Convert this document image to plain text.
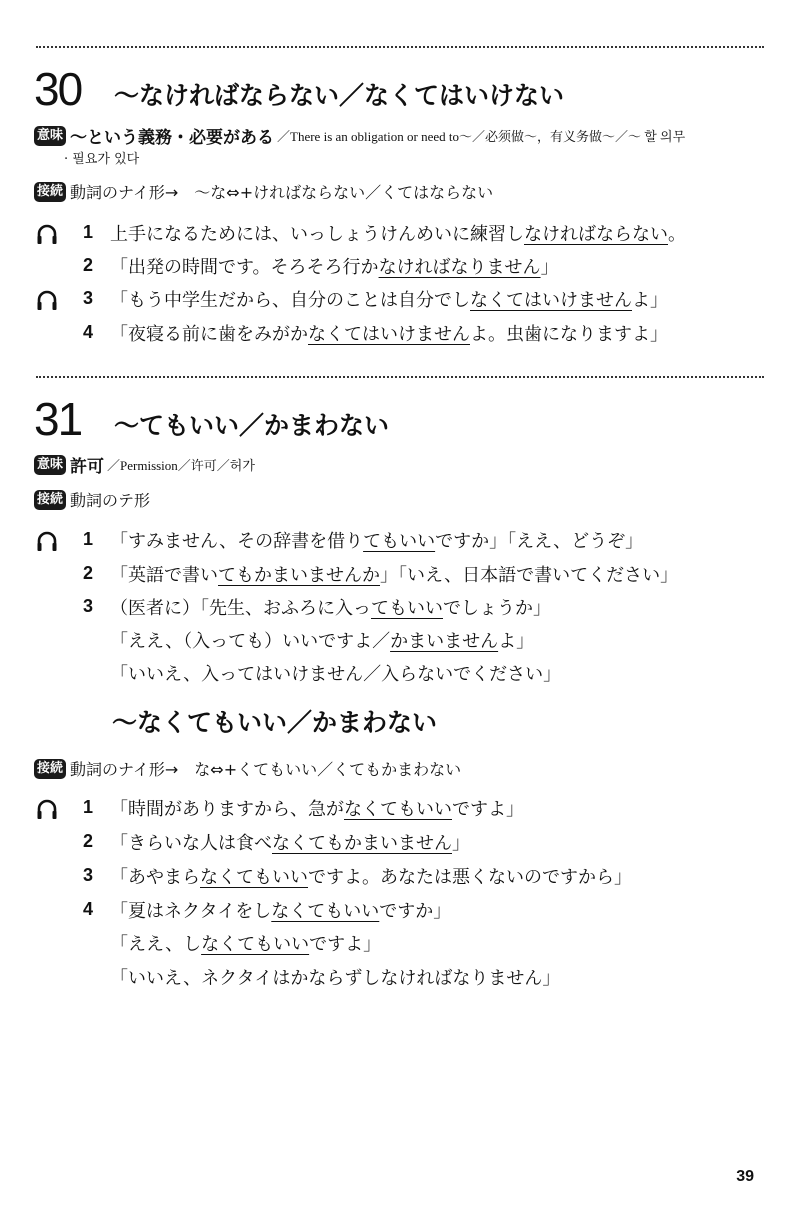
30	～なければならない／なくてはいけない
意味 ～という義務・必要がある ／There is an obligation or need to～／必须做～，有义务做～／～ 할 의무
· 필요가 있다
接続 動詞のナイ形→　～な⇔+ければならない／くてはならない
1 上手になるためには、いっしょうけんめいに練習しなければならない。
2 「出発の時間です。そろそろ行かなければなりません」
3 「もう中学生だから、自分のことは自分でしなくてはいけませんよ」
4 「夜寝る前に歯をみがかなくてはいけませんよ。虫歯になりますよ」
31	～てもいい／かまわない
意味 許可 ／Permission／许可／허가
接続 動詞のテ形
1 「すみません、その辞書を借りてもいいですか」「ええ、どうぞ」
2 「英語で書いてもかまいませんか」「いえ、日本語で書いてください」
3 （医者に）「先生、おふろに入ってもいいでしょうか」
「ええ、（入っても）いいですよ／かまいませんよ」
「いいえ、入ってはいけません／入らないでください」
～なくてもいい／かまわない
接続 動詞のナイ形→　な⇔+くてもいい／くてもかまわない
1 「時間がありますから、急がなくてもいいですよ」
2 「きらいな人は食べなくてもかまいません」
3 「あやまらなくてもいいですよ。あなたは悪くないのですから」
4 「夏はネクタイをしなくてもいいですか」
「ええ、しなくてもいいですよ」
「いいえ、ネクタイはかならずしなければなりません」
39
